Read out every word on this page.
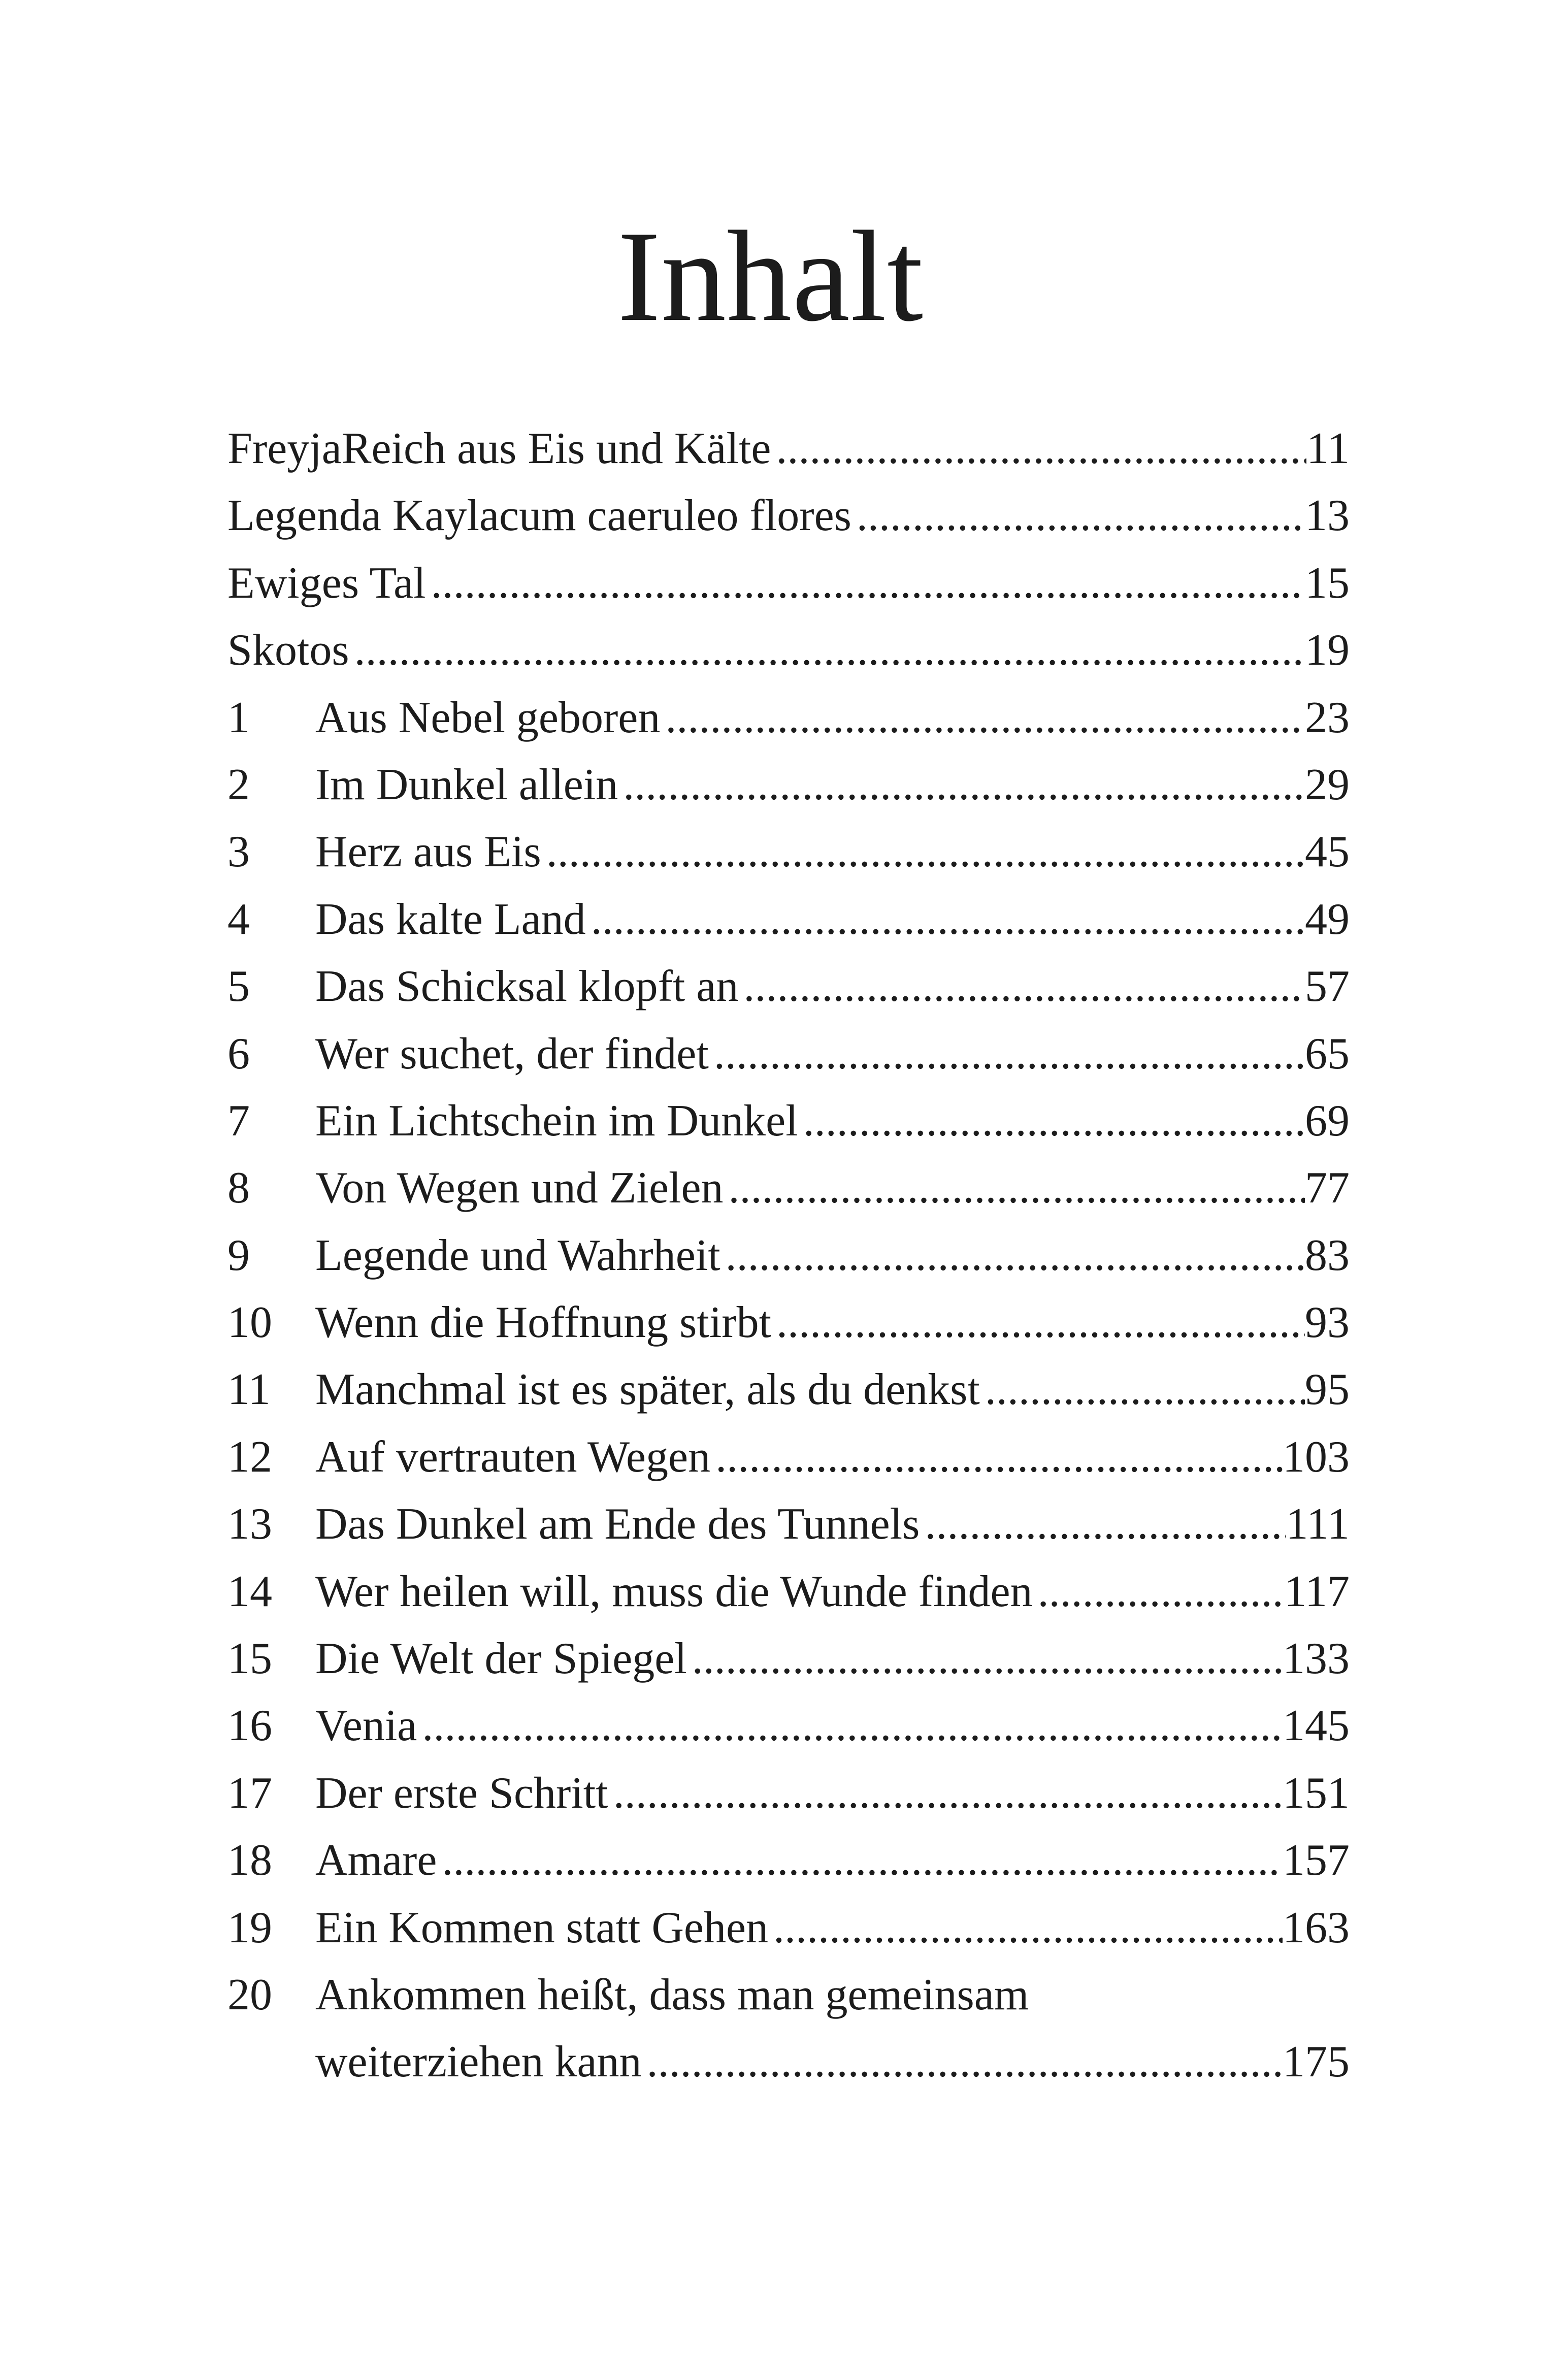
Inhalt
FreyjaReich aus Eis und Kälte .....	11
Legenda Kaylacum caeruleo flores .....	13
Ewiges Tal .....	15
Skotos .....	19
1	Aus Nebel geboren .....	23
2	Im Dunkel allein .....	29
3	Herz aus Eis .....	45
4	Das kalte Land .....	49
5	Das Schicksal klopft an .....	57
6	Wer suchet, der findet .....	65
7	Ein Lichtschein im Dunkel .....	69
8	Von Wegen und Zielen .....	77
9	Legende und Wahrheit .....	83
10 Wenn die Hoffnung stirbt .....	93
11	Manchmal ist es später, als du denkst .....	95
12 Auf vertrauten Wegen .....	103
13 Das Dunkel am Ende des Tunnels .....	111
14 Wer heilen will, muss die Wunde finden .....	117
15 Die Welt der Spiegel .....	133
16 Venia .....	145
17 Der erste Schritt .....	151
18 Amare .....	157
19 Ein Kommen statt Gehen .....	163
20 Ankommen heißt, dass man gemeinsam
weiterziehen kann .....	175
